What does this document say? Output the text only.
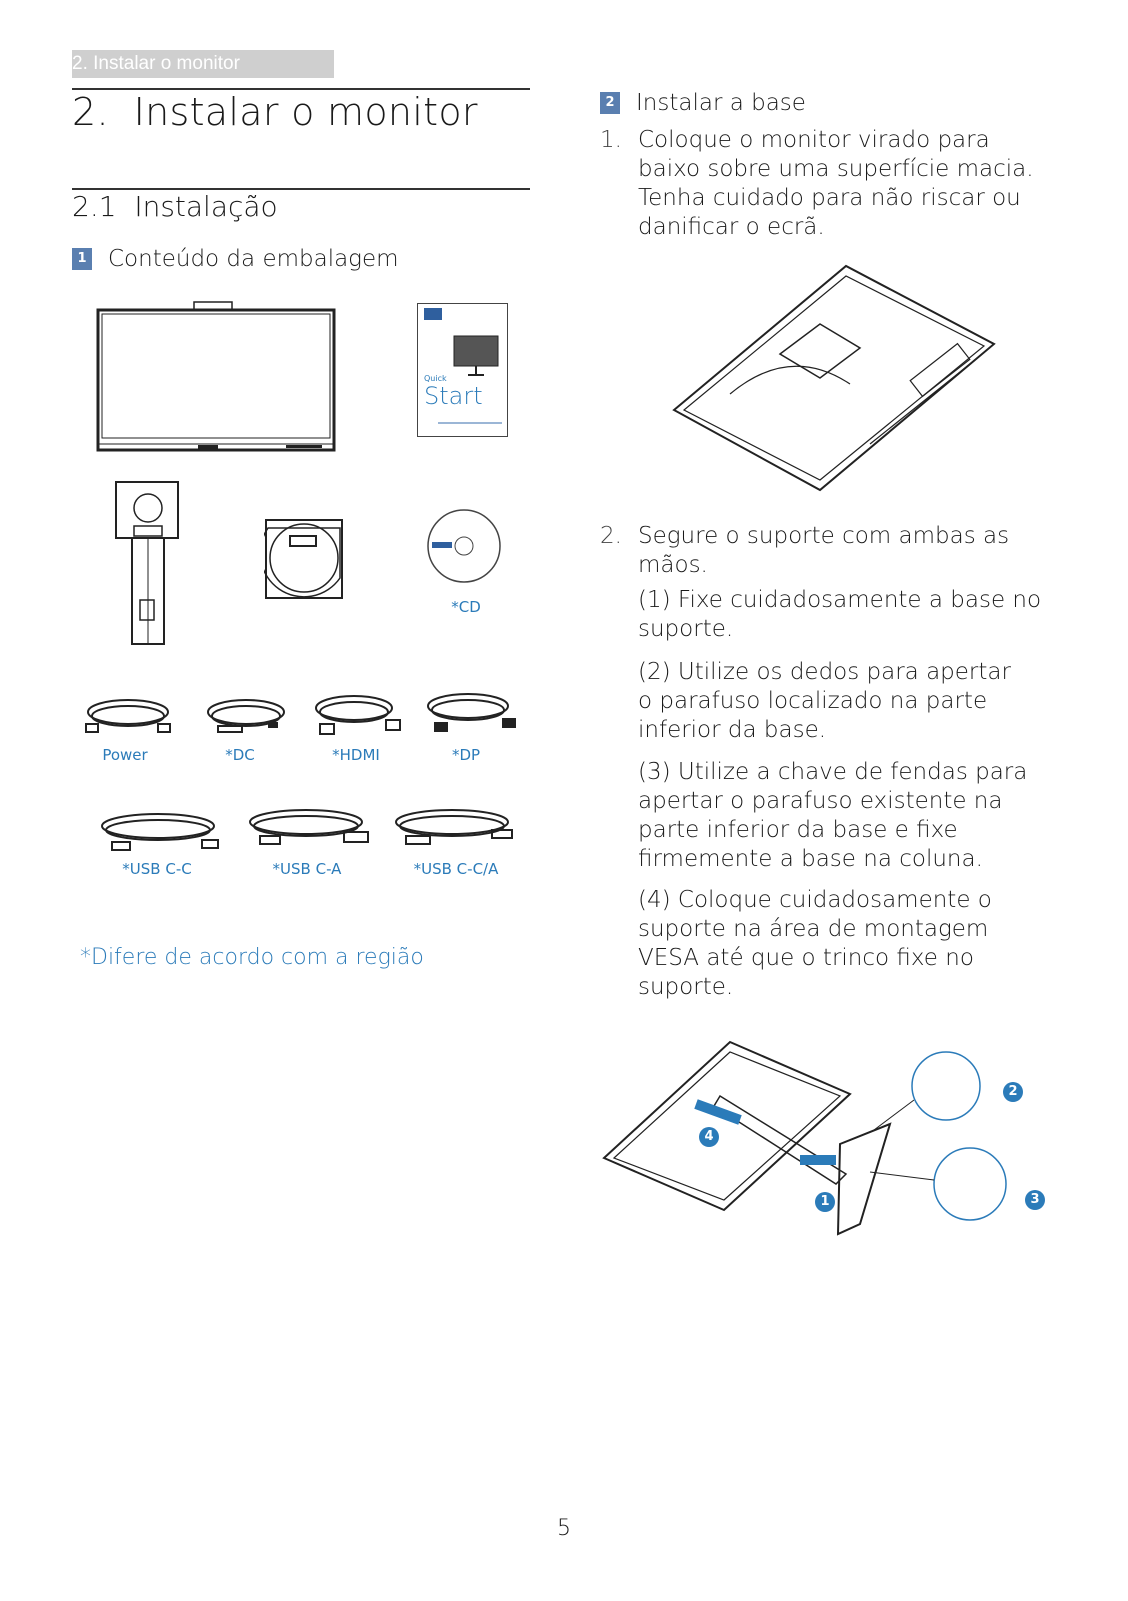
2. Instalar o monitor
2.  Instalar o monitor
2.1  Instalação
1 Conteúdo da embalagem
Quick
Start
*CD
Power	*DC	*HDMI	*DP
*USB C-C	*USB C-A	*USB C-C/A
*Difere de acordo com a região
2 Instalar a base
1. Coloque o monitor virado para baixo sobre uma superfície macia. Tenha cuidado para não riscar ou danificar o ecrã.
2. Segure o suporte com ambas as mãos.
(1) Fixe cuidadosamente a base no suporte.
(2) Utilize os dedos para apertar o parafuso localizado na parte inferior da base.
(3) Utilize a chave de fendas para apertar o parafuso existente na parte inferior da base e fixe firmemente a base na coluna.
(4) Coloque cuidadosamente o suporte na área de montagem VESA até que o trinco fixe no suporte.
2
4
1	3
5
